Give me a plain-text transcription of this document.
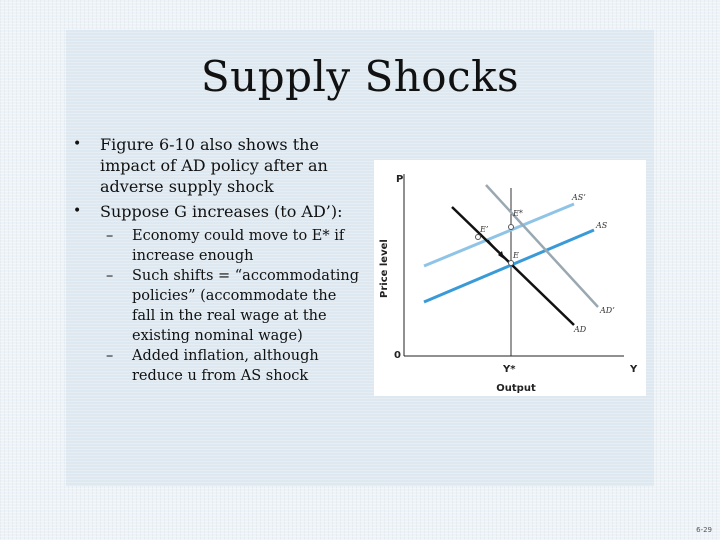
Supply Shocks
• Figure 6-10 also shows the impact of AD policy after an adverse supply shock
• Suppose G increases (to AD’):
– Economy could move to E* if increase enough
– Such shifts = “accommodating policies” (accommodate the fall in the real wage at the existing nominal wage)
– Added inflation, although reduce u from AS shock
P
0
Y
Y*
Output
Price level
AS’
AS
AD’
AD
E*
E’
E
6-29
